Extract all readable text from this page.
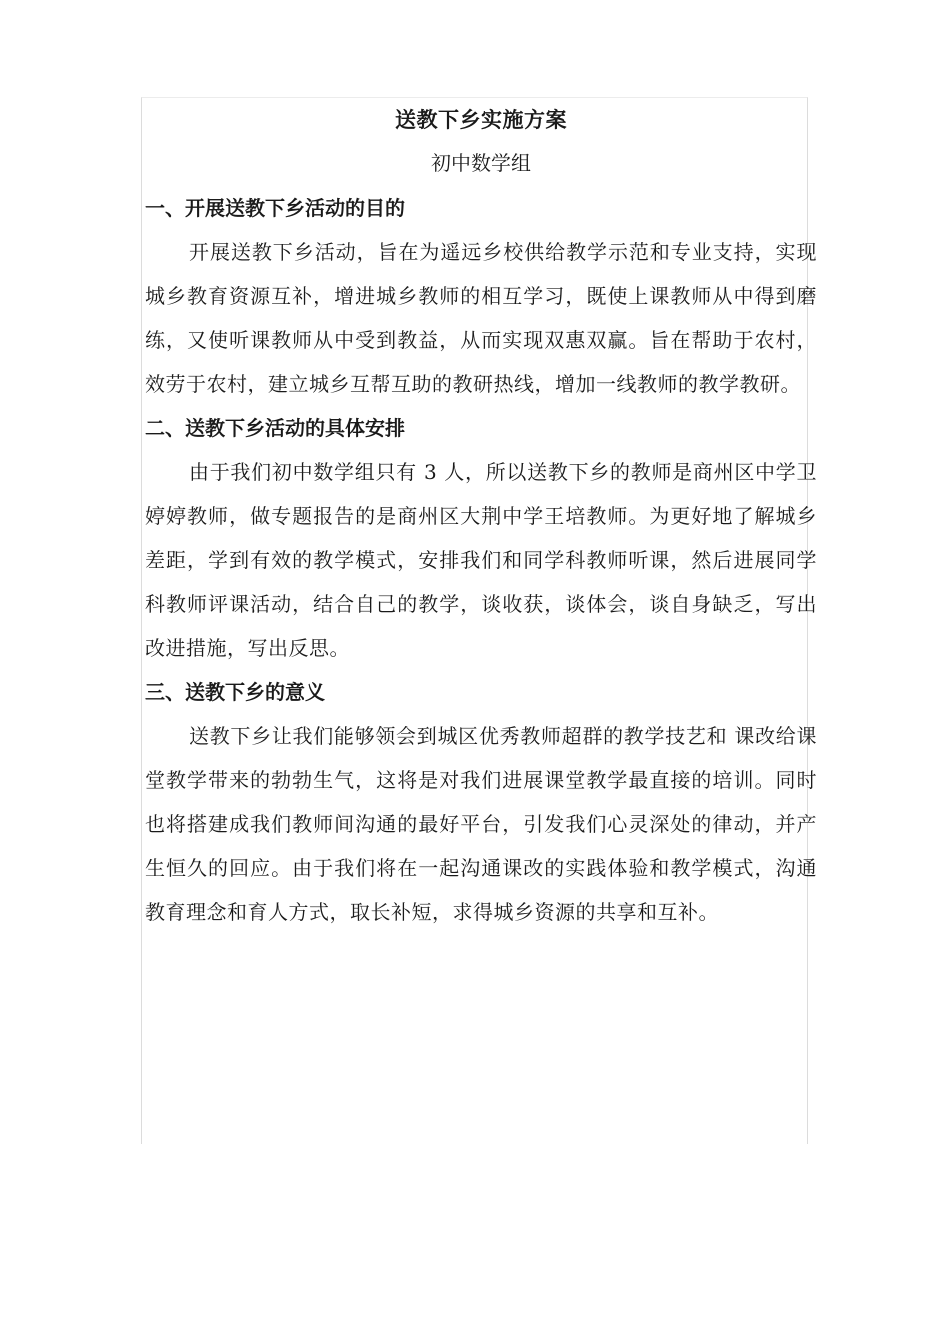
送教下乡实施方案

初中数学组

一、开展送教下乡活动的目的

开展送教下乡活动，旨在为遥远乡校供给教学示范和专业支持，实现城乡教育资源互补，增进城乡教师的相互学习，既使上课教师从中得到磨练，又使听课教师从中受到教益，从而实现双惠双赢。旨在帮助于农村，效劳于农村，建立城乡互帮互助的教研热线，增加一线教师的教学教研。

二、送教下乡活动的具体安排

由于我们初中数学组只有 3 人，所以送教下乡的教师是商州区中学卫婷婷教师，做专题报告的是商州区大荆中学王培教师。为更好地了解城乡差距，学到有效的教学模式，安排我们和同学科教师听课，然后进展同学科教师评课活动，结合自己的教学，谈收获，谈体会，谈自身缺乏，写出改进措施，写出反思。

三、送教下乡的意义

送教下乡让我们能够领会到城区优秀教师超群的教学技艺和 课改给课堂教学带来的勃勃生气，这将是对我们进展课堂教学最直接的培训。同时也将搭建成我们教师间沟通的最好平台，引发我们心灵深处的律动，并产生恒久的回应。由于我们将在一起沟通课改的实践体验和教学模式，沟通教育理念和育人方式，取长补短，求得城乡资源的共享和互补。
